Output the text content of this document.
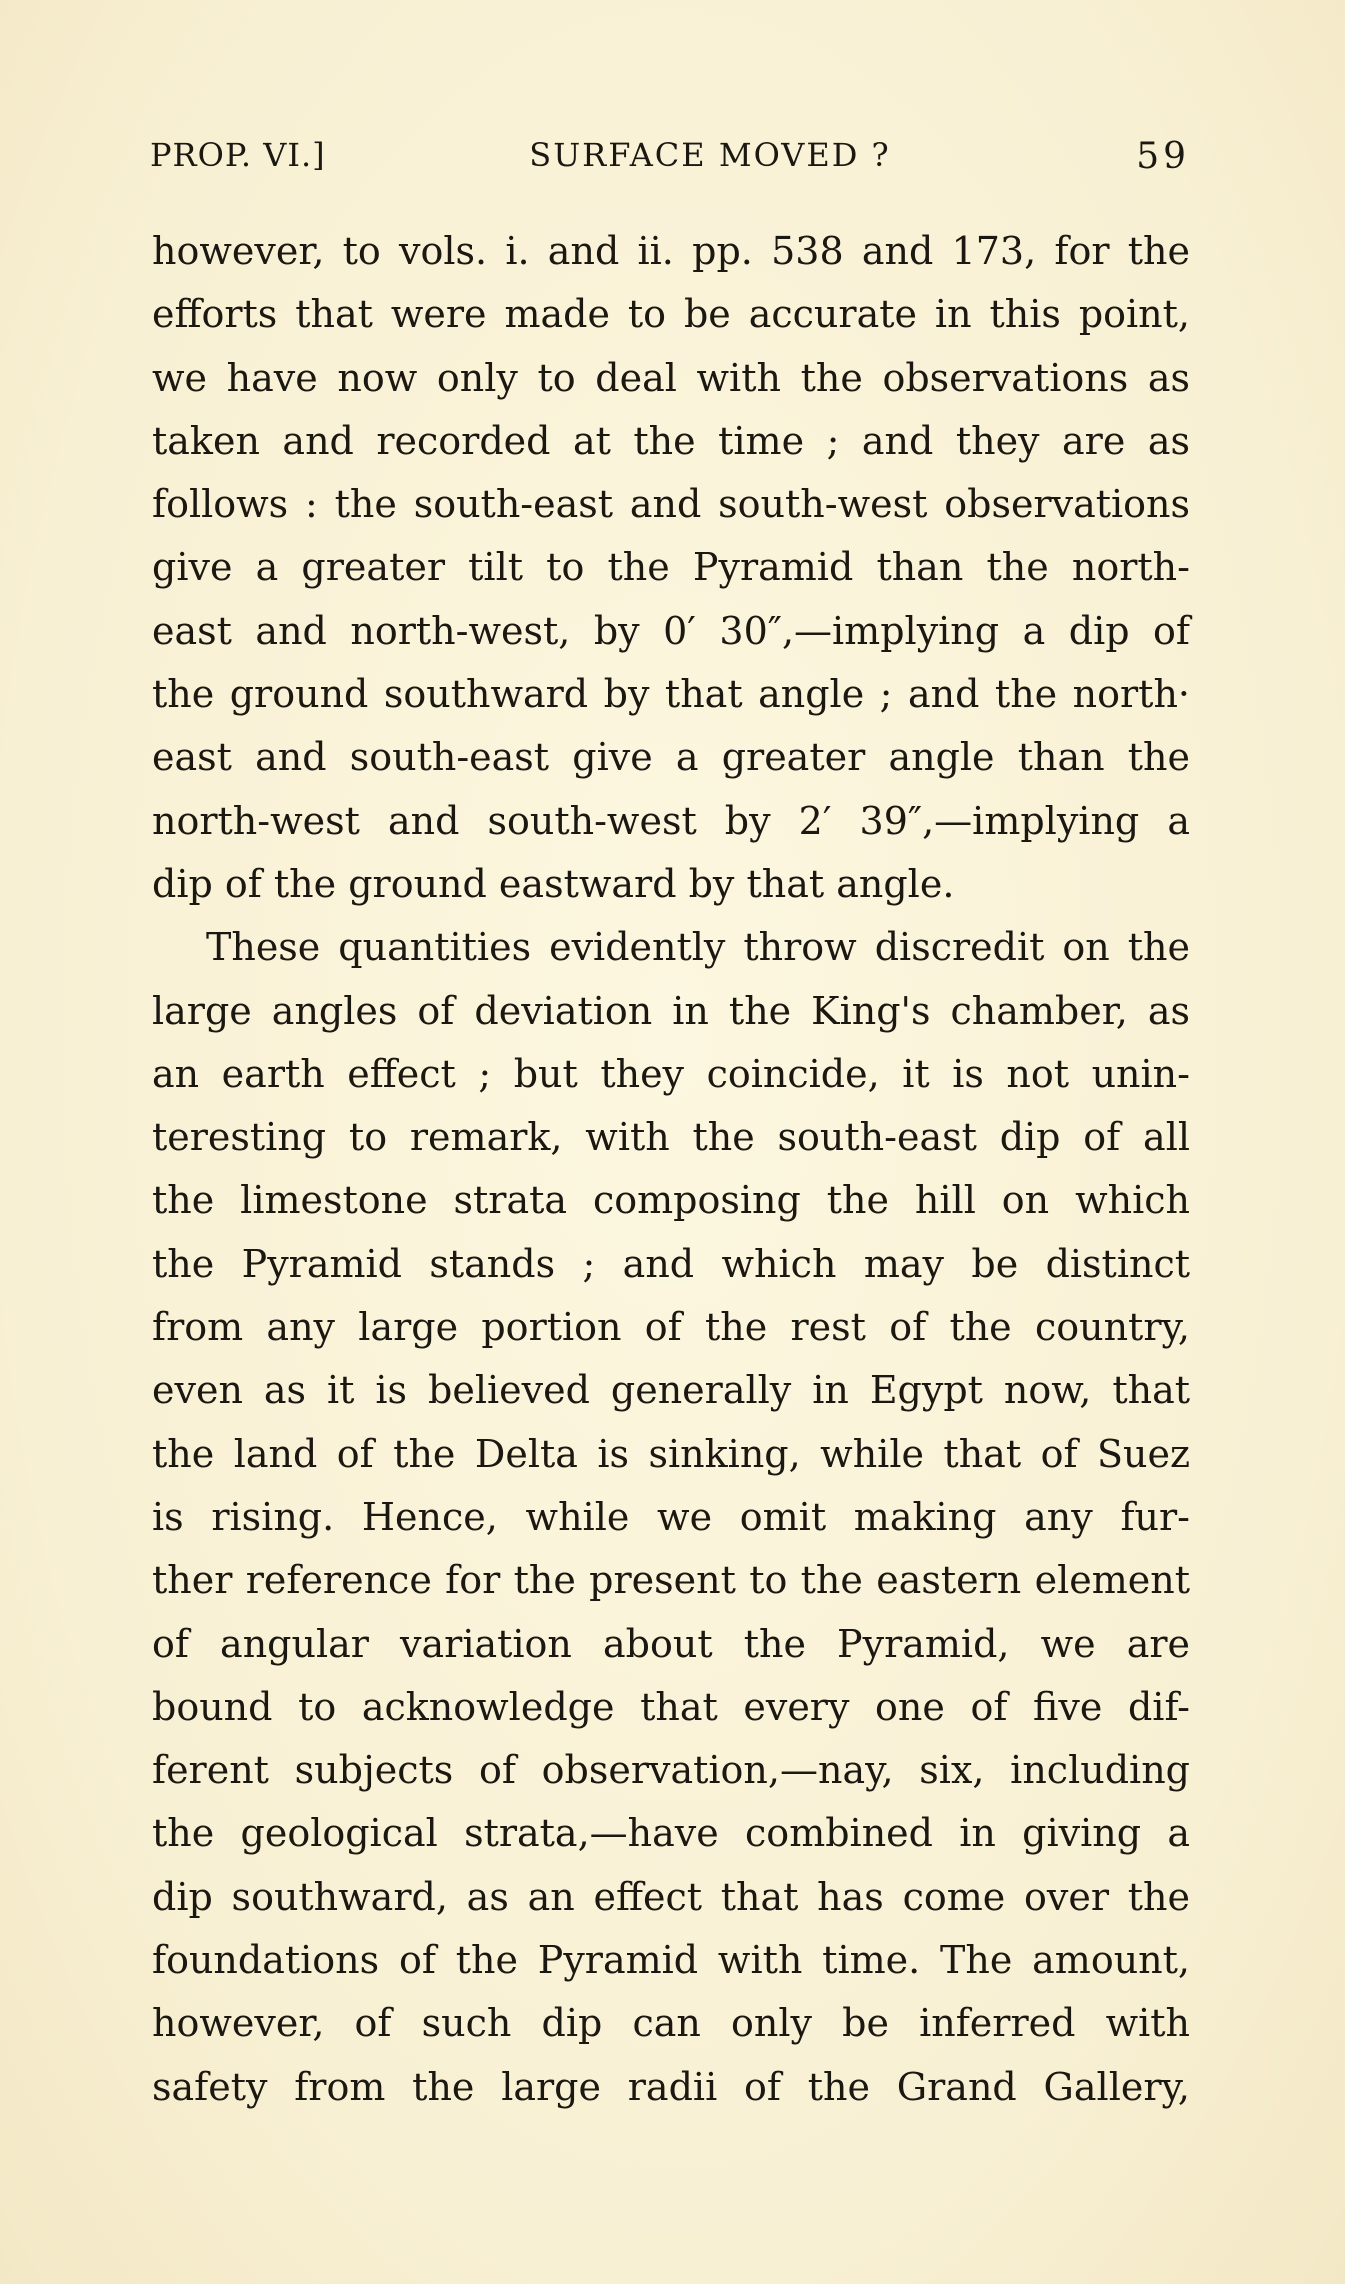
PROP. VI.]	SURFACE MOVED ?	59
however, to vols. i. and ii. pp. 538 and 173, for the
efforts that were made to be accurate in this point,
we have now only to deal with the observations as
taken and recorded at the time ; and they are as
follows : the south-east and south-west observations
give a greater tilt to the Pyramid than the north-
east and north-west, by 0′ 30″,—implying a dip of
the ground southward by that angle ; and the north·
east and south-east give a greater angle than the
north-west and south-west by 2′ 39″,—implying a
dip of the ground eastward by that angle.
These quantities evidently throw discredit on the
large angles of deviation in the King's chamber, as
an earth effect ; but they coincide, it is not unin-
teresting to remark, with the south-east dip of all
the limestone strata composing the hill on which
the Pyramid stands ; and which may be distinct
from any large portion of the rest of the country,
even as it is believed generally in Egypt now, that
the land of the Delta is sinking, while that of Suez
is rising. Hence, while we omit making any fur-
ther reference for the present to the eastern element
of angular variation about the Pyramid, we are
bound to acknowledge that every one of five dif-
ferent subjects of observation,—nay, six, including
the geological strata,—have combined in giving a
dip southward, as an effect that has come over the
foundations of the Pyramid with time. The amount,
however, of such dip can only be inferred with
safety from the large radii of the Grand Gallery,
